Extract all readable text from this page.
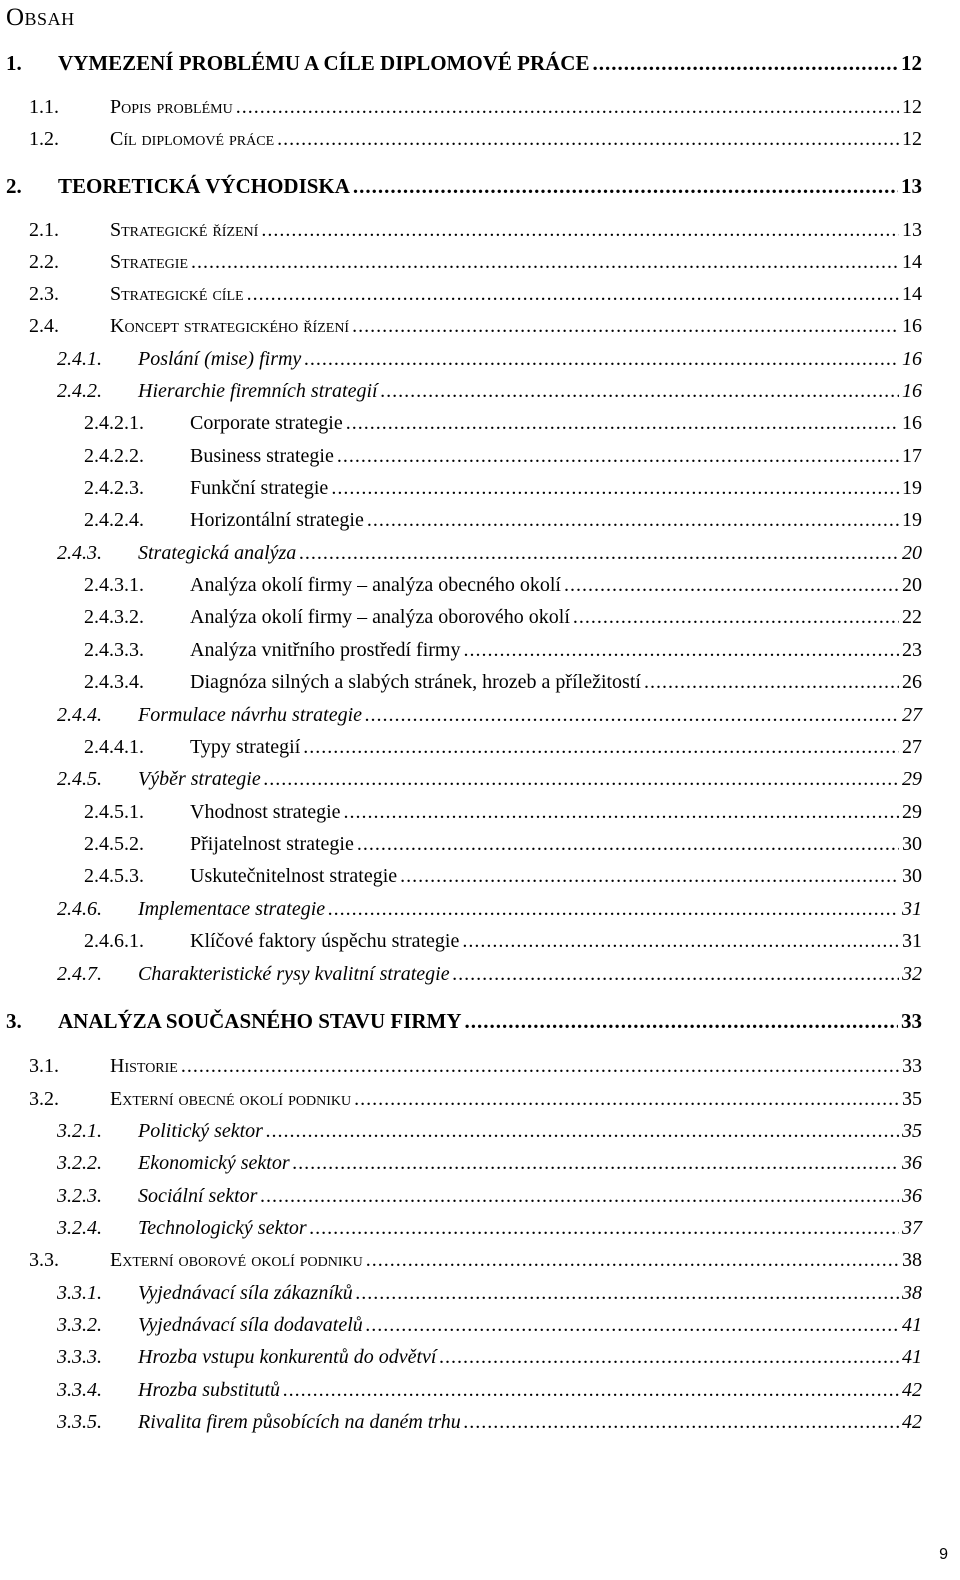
Obsah
1. VYMEZENÍ PROBLÉMU A CÍLE DIPLOMOVÉ PRÁCE .....	12
1.1.	Popis problému .....	12
1.2.	Cíl diplomové práce .....	12
2. TEORETICKÁ VÝCHODISKA .....	13
2.1.	Strategické řízení .....	13
2.2.	Strategie .....	14
2.3.	Strategické cíle .....	14
2.4.	Koncept strategického řízení .....	16
2.4.1. Poslání (mise) firmy .....	16
2.4.2. Hierarchie firemních strategií .....	16
2.4.2.1. Corporate strategie .....	16
2.4.2.2. Business strategie .....	17
2.4.2.3. Funkční strategie .....	19
2.4.2.4. Horizontální strategie .....	19
2.4.3. Strategická analýza .....	20
2.4.3.1. Analýza okolí firmy – analýza obecného okolí .....	20
2.4.3.2. Analýza okolí firmy – analýza oborového okolí .....	22
2.4.3.3. Analýza vnitřního prostředí firmy .....	23
2.4.3.4. Diagnóza silných a slabých stránek, hrozeb a příležitostí .....	26
2.4.4. Formulace návrhu strategie .....	27
2.4.4.1. Typy strategií .....	27
2.4.5. Výběr strategie .....	29
2.4.5.1. Vhodnost strategie .....	29
2.4.5.2. Přijatelnost strategie .....	30
2.4.5.3. Uskutečnitelnost strategie .....	30
2.4.6. Implementace strategie .....	31
2.4.6.1. Klíčové faktory úspěchu strategie .....	31
2.4.7. Charakteristické rysy kvalitní strategie .....	32
3. ANALÝZA SOUČASNÉHO STAVU FIRMY .....	33
3.1.	Historie .....	33
3.2.	Externí obecné okolí podniku .....	35
3.2.1. Politický sektor .....	35
3.2.2. Ekonomický sektor .....	36
3.2.3. Sociální sektor .....	36
3.2.4. Technologický sektor .....	37
3.3.	Externí oborové okolí podniku .....	38
3.3.1. Vyjednávací síla zákazníků .....	38
3.3.2. Vyjednávací síla dodavatelů .....	41
3.3.3. Hrozba vstupu konkurentů do odvětví .....	41
3.3.4. Hrozba substitutů .....	42
3.3.5. Rivalita firem působících na daném trhu .....	42
9
